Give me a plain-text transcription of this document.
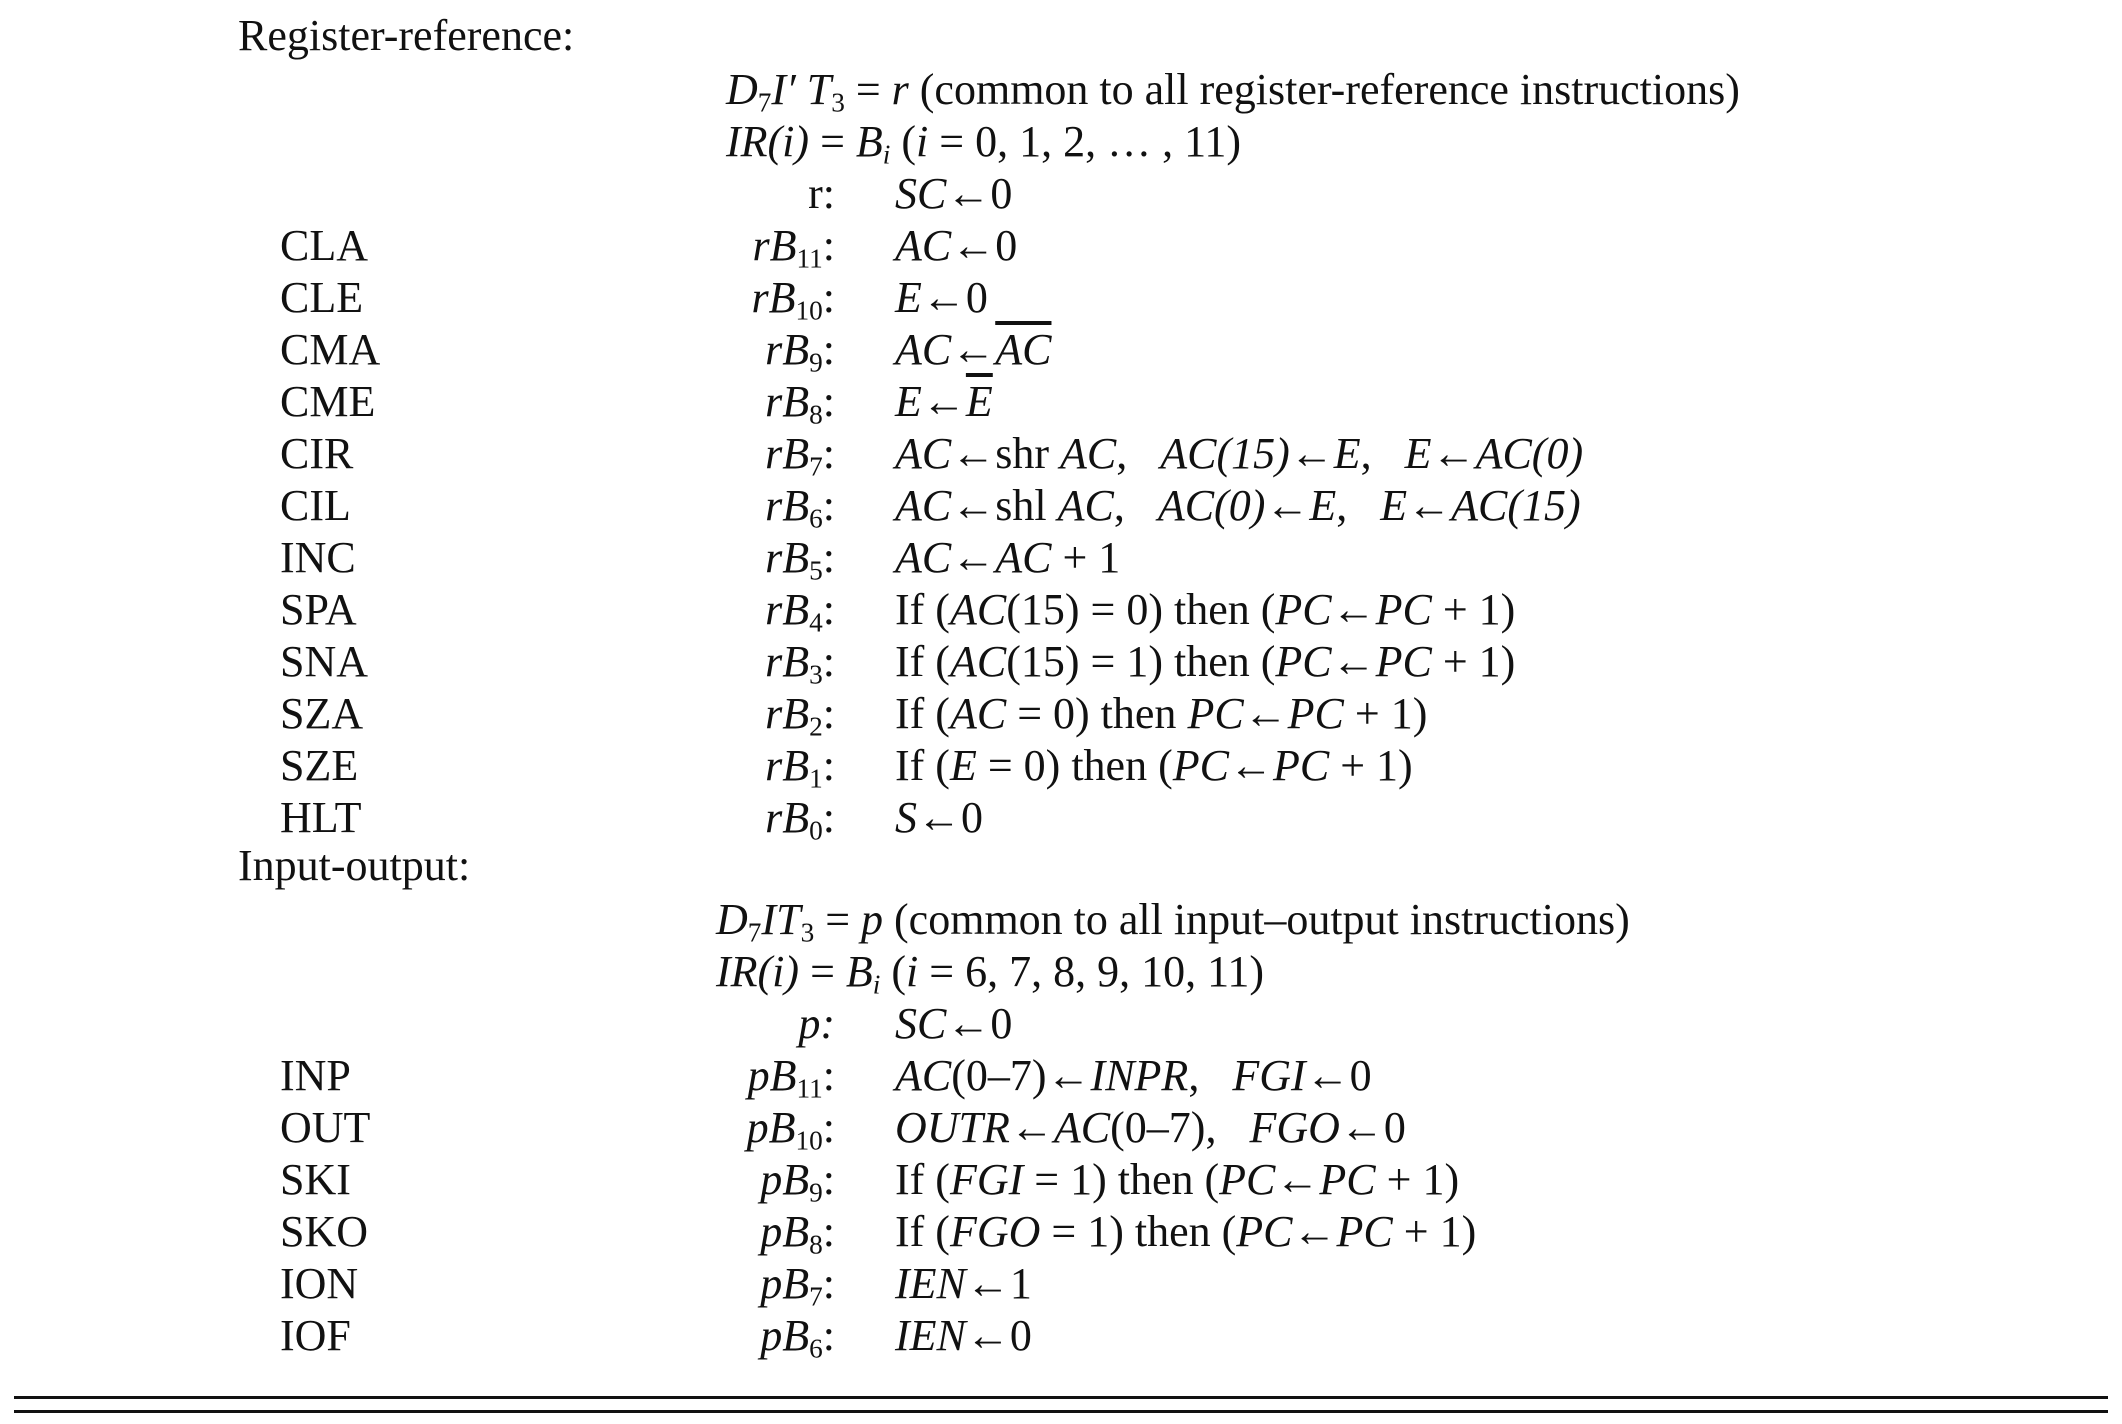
Register-reference:
$D_7I'$ $T_3 = r$ (common to all register-reference instructions)
$IR(i) = B_i$ (i = 0, 1, 2, … , 11)
r: SC←0
CLA	$rB_{11}$: AC←0
CLE	$rB_{10}$: E←0
CMA	$rB_9$: $AC\leftarrow\overline{AC}$
CME	$rB_8$: $E\leftarrow\overline{E}$
CIR	$rB_7$: AC←shr AC, AC(15)←E, E←AC(0)
CIL	$rB_6$: AC←shl AC, AC(0)←E, E←AC(15)
INC	$rB_5$: AC←AC + 1
SPA	$rB_4$: If (AC(15) = 0) then (PC←PC + 1)
SNA	$rB_3$: If (AC(15) = 1) then (PC←PC + 1)
SZA	$rB_2$: If (AC = 0) then PC←PC + 1)
SZE	$rB_1$: If (E = 0) then (PC←PC + 1)
HLT	$rB_0$: S←0
Input-output:
$D_7IT_3 = p$ (common to all input–output instructions)
$IR(i) = B_i$ (i = 6, 7, 8, 9, 10, 11)
p: SC←0
INP	$pB_{11}$: AC(0–7)←INPR, FGI←0
OUT	$pB_{10}$: OUTR←AC(0–7), FGO←0
SKI	$pB_9$: If (FGI = 1) then (PC←PC + 1)
SKO	$pB_8$: If (FGO = 1) then (PC←PC + 1)
ION	$pB_7$: IEN←1
IOF	$pB_6$: IEN←0
